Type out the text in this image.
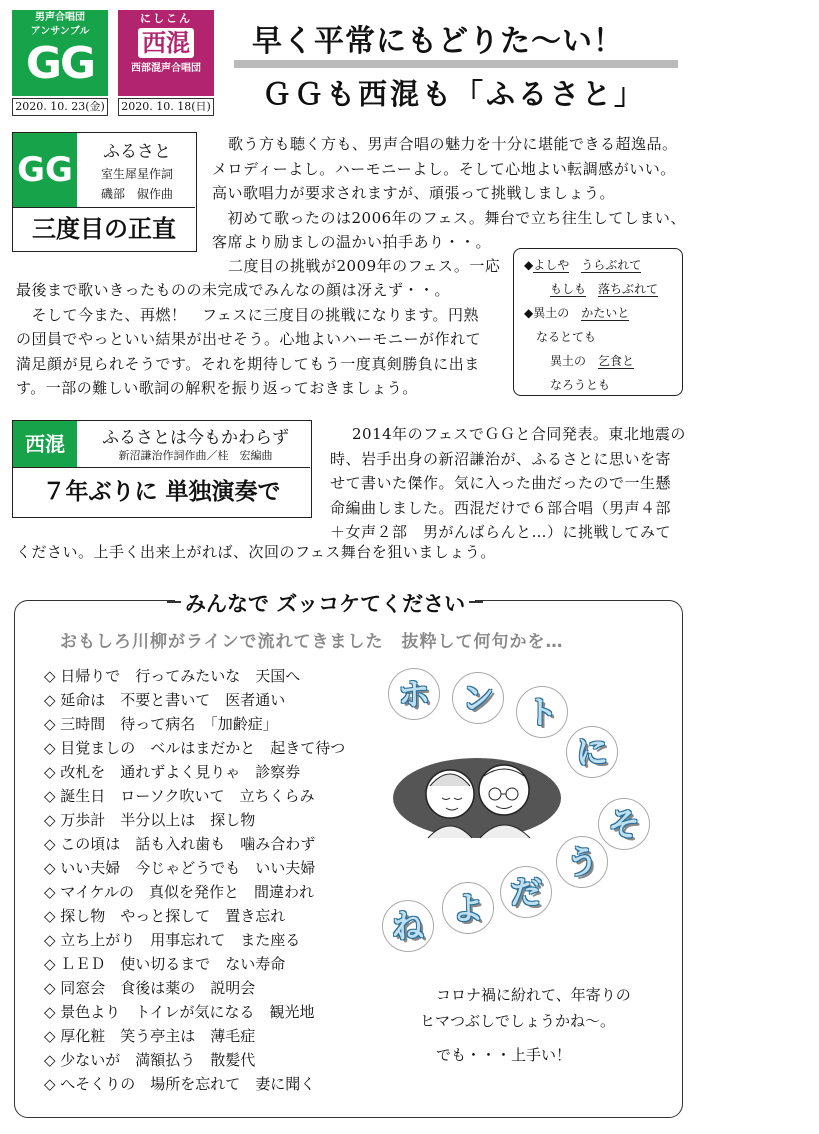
男声合唱団
アンサンブル
GG
2020. 10. 23(金)
にしこん
西混
西部混声合唱団
2020. 10. 18(日)
早く平常にもどりた〜い！
ＧＧも西混も「ふるさと」
GG	ふるさと
室生犀星作詞
磯部　俶作曲
三度目の正直
歌う方も聴く方も、男声合唱の魅力を十分に堪能できる超逸品。
メロディーよし。ハーモニーよし。そして心地よい転調感がいい。
高い歌唱力が要求されますが、頑張って挑戦しましょう。
　初めて歌ったのは2006年のフェス。舞台で立ち往生してしまい、
客席より励ましの温かい拍手あり・・。
二度目の挑戦が2009年のフェス。一応
最後まで歌いきったものの未完成でみんなの顔は冴えず・・。
　そして今また、再燃！　フェスに三度目の挑戦になります。円熟
の団員でやっといい結果が出せそう。心地よいハーモニーが作れて
満足顔が見られそうです。それを期待してもう一度真剣勝負に出ま
す。一部の難しい歌詞の解釈を振り返っておきましょう。
◆よしや　 うらぶれて
もしも　 落ちぶれて
◆異土の　 かたいと
なるとても
異土の　 乞食と
なろうとも
西混	ふるさとは今もかわらず
新沼謙治作詞作曲／桂　宏編曲
７年ぶりに 単独演奏で
2014年のフェスでＧＧと合同発表。東北地震の
時、岩手出身の新沼謙治が、ふるさとに思いを寄
せて書いた傑作。気に入った曲だったので一生懸
命編曲しました。西混だけで６部合唱（男声４部
＋女声２部　男がんばらんと…）に挑戦してみて
ください。上手く出来上がれば、次回のフェス舞台を狙いましょう。
みんなで ズッコケてください
おもしろ川柳がラインで流れてきました　抜粋して何句かを…
◇ 日帰りで　行ってみたいな　天国へ
◇ 延命は　不要と書いて　医者通い
◇ 三時間　待って病名　「加齢症」
◇ 目覚ましの　ベルはまだかと　起きて待つ
◇ 改札を　通れずよく見りゃ　診察券
◇ 誕生日　ローソク吹いて　立ちくらみ
◇ 万歩計　半分以上は　探し物
◇ この頃は　話も入れ歯も　噛み合わず
◇ いい夫婦　今じゃどうでも　いい夫婦
◇ マイケルの　真似を発作と　間違われ
◇ 探し物　やっと探して　置き忘れ
◇ 立ち上がり　用事忘れて　また座る
◇ ＬＥＤ　使い切るまで　ない寿命
◇ 同窓会　食後は薬の　説明会
◇ 景色より　トイレが気になる　観光地
◇ 厚化粧　笑う亭主は　薄毛症
◇ 少ないが　満額払う　散髪代
◇ へそくりの　場所を忘れて　妻に聞く
ホ ン ト
に
そ
う
だ
よ
ね
コロナ禍に紛れて、年寄りの
ヒマつぶしでしょうかね〜。
でも・・・上手い！
